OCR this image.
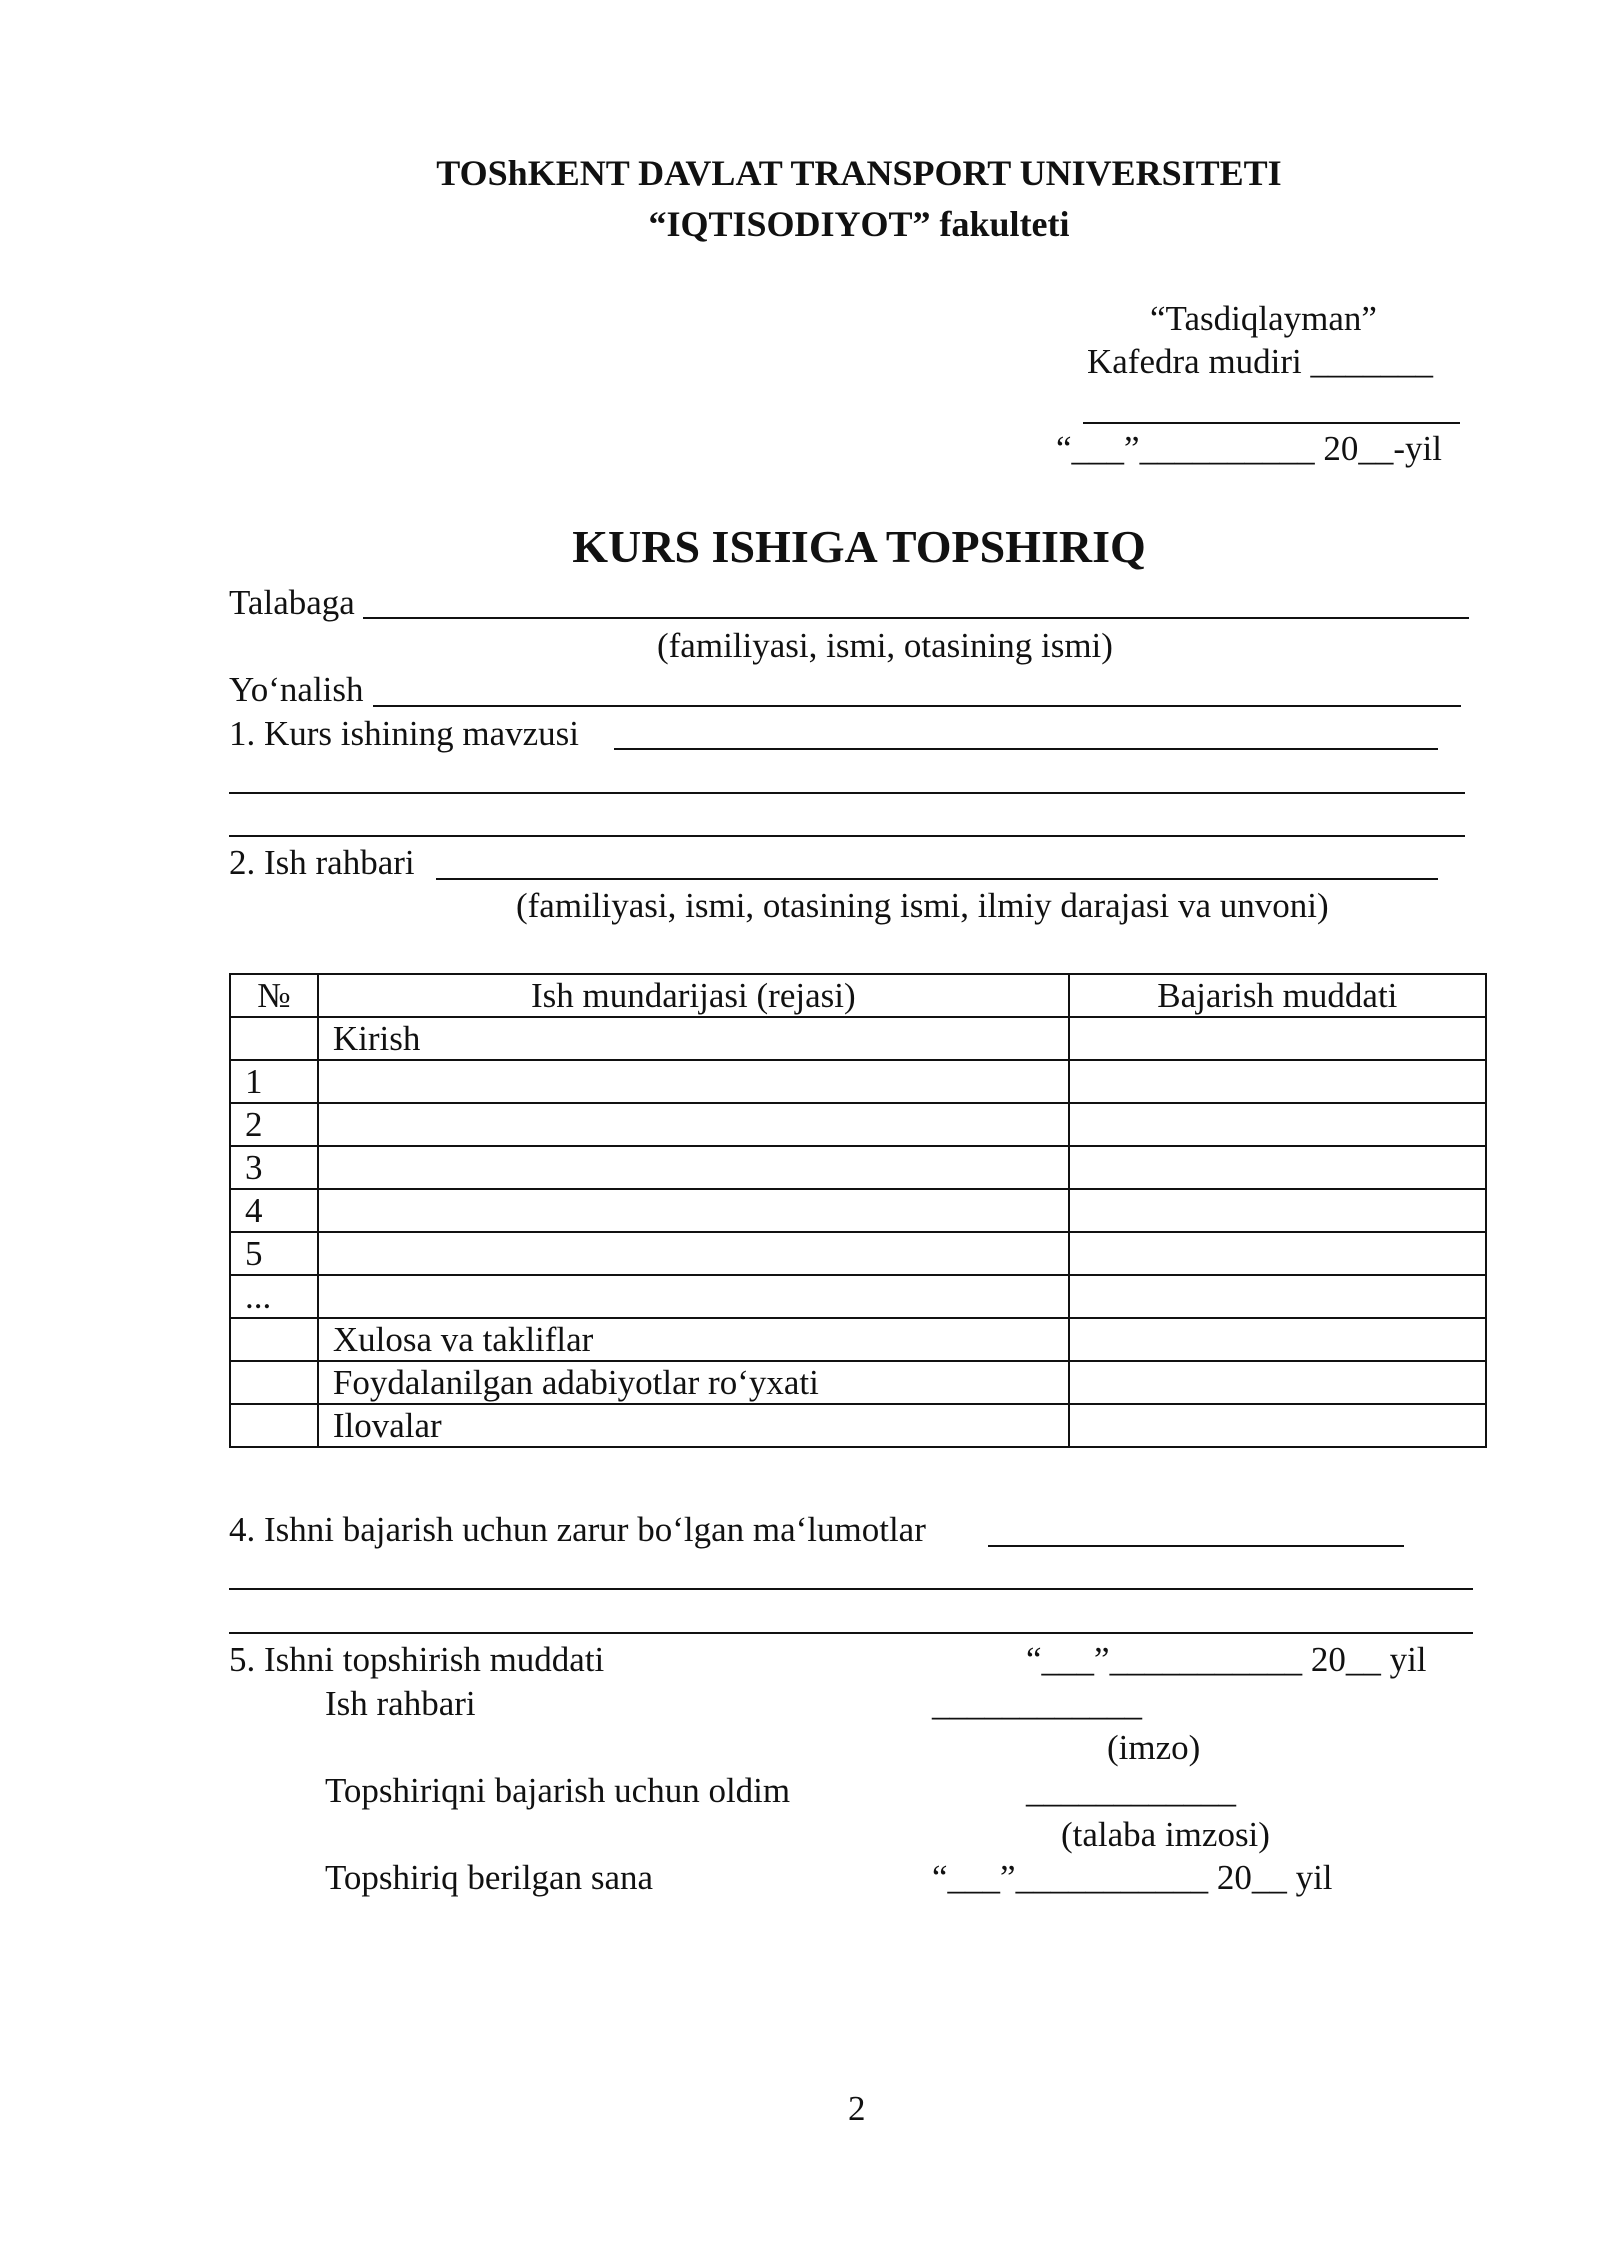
TOShKENT DAVLAT TRANSPORT UNIVERSITETI
“IQTISODIYOT” fakulteti
“Tasdiqlayman”
Kafedra mudiri _______
“___”__________ 20__-yil
KURS ISHIGA TOPSHIRIQ
Talabaga
(familiyasi, ismi, otasining ismi)
Yo‘nalish
1. Kurs ishining mavzusi
2. Ish rahbari
(familiyasi, ismi, otasining ismi, ilmiy darajasi va unvoni)
№	Ish mundarijasi (rejasi)	Bajarish muddati
	Kirish	
1		
2		
3		
4		
5		
...		
	Xulosa va takliflar	
	Foydalanilgan adabiyotlar ro‘yxati	
	Ilovalar	
4. Ishni bajarish uchun zarur bo‘lgan ma‘lumotlar
5. Ishni topshirish muddati	“___”___________ 20__ yil
Ish rahbari	____________
(imzo)
Topshiriqni bajarish uchun oldim	____________
(talaba imzosi)
Topshiriq berilgan sana	“___”___________ 20__ yil
2
